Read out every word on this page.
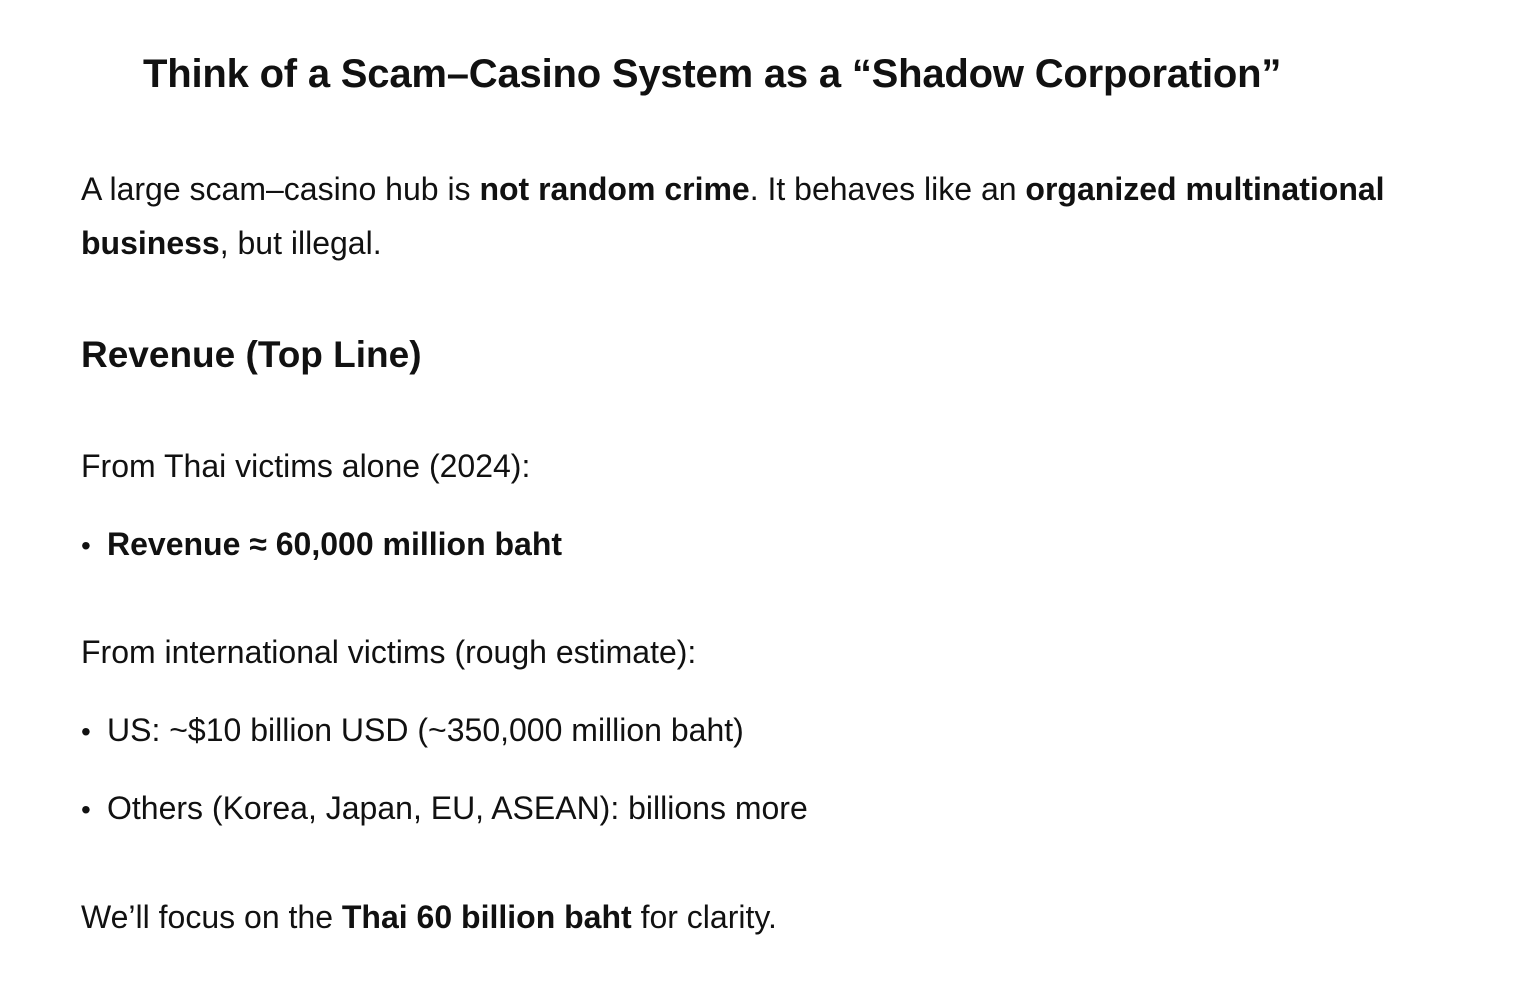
Think of a Scam–Casino System as a “Shadow Corporation”

A large scam–casino hub is not random crime. It behaves like an organized multinational business, but illegal.

Revenue (Top Line)

From Thai victims alone (2024):

• Revenue ≈ 60,000 million baht

From international victims (rough estimate):

• US: ~$10 billion USD (~350,000 million baht)
• Others (Korea, Japan, EU, ASEAN): billions more

We’ll focus on the Thai 60 billion baht for clarity.
